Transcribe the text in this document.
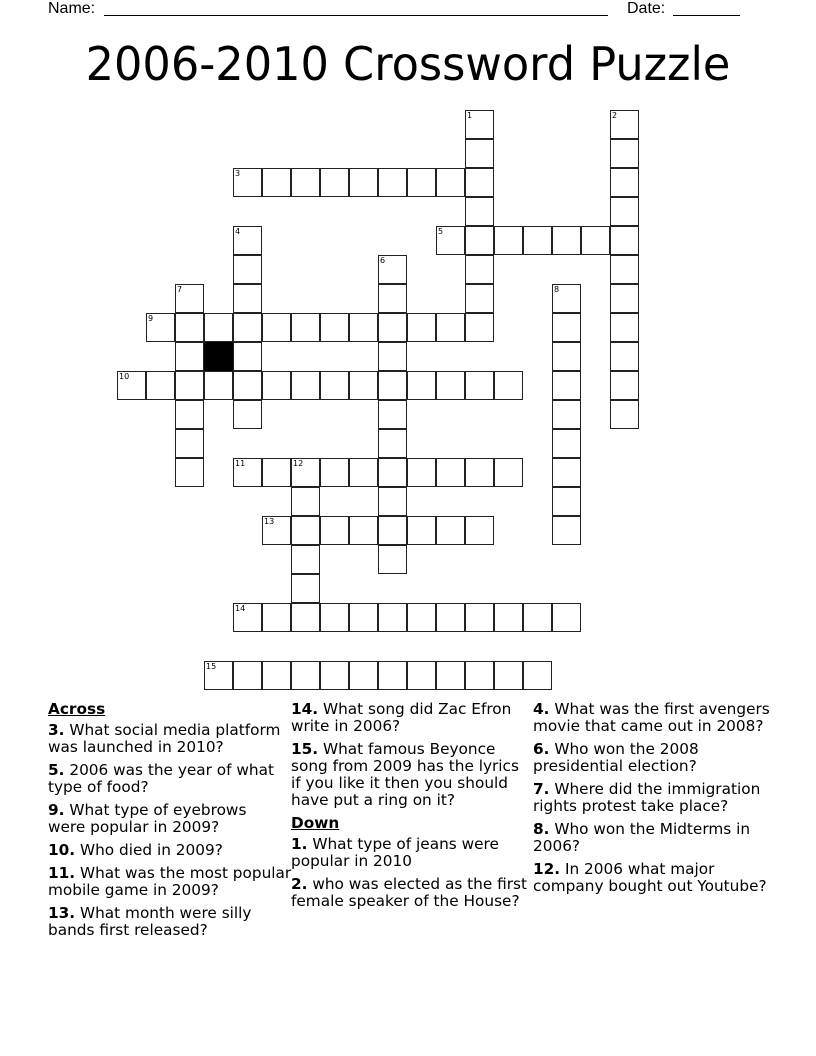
Name:	Date:
2006-2010 Crossword Puzzle
1	2
3
4	5
6
7	8
9
10
11	12
13
14
15
Across
3. What social media platform was launched in 2010?
5. 2006 was the year of what type of food?
9. What type of eyebrows were popular in 2009?
10. Who died in 2009?
11. What was the most popular mobile game in 2009?
13. What month were silly bands first released?
14. What song did Zac Efron write in 2006?
15. What famous Beyonce song from 2009 has the lyrics if you like it then you should have put a ring on it?
Down
1. What type of jeans were popular in 2010
2. who was elected as the first female speaker of the House?
4. What was the first avengers movie that came out in 2008?
6. Who won the 2008 presidential election?
7. Where did the immigration rights protest take place?
8. Who won the Midterms in 2006?
12. In 2006 what major company bought out Youtube?
